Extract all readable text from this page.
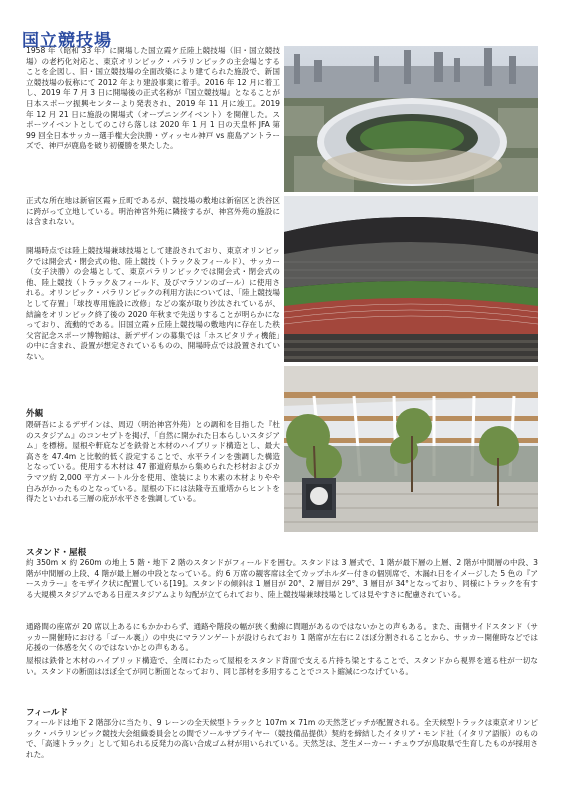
国立競技場

1958 年（昭和 33 年）に開場した国立霞ケ丘陸上競技場（旧・国立競技場）の老朽化対応と、東京オリンピック・パラリンピックの主会場とすることを企図し、旧・国立競技場の全面改築により建てられた施設で、新国立競技場の仮称にて 2012 年より建設事業に着手。2016 年 12 月に着工し、2019 年 7 月 3 日に開場後の正式名称が『国立競技場』となることが日本スポーツ振興センターより発表され、2019 年 11 月に竣工。2019 年 12 月 21 日に施設の開場式（オープニングイベント）を開催した。スポーツイベントとしてのこけら落しは 2020 年 1 月 1 日の天皇杯 JFA 第 99 回全日本サッカー選手権大会決勝・ヴィッセル神戸 vs 鹿島アントラーズで、神戸が鹿島を破り初優勝を果たした。

正式な所在地は新宿区霞ヶ丘町であるが、競技場の敷地は新宿区と渋谷区に跨がって立地している。明治神宮外苑に隣接するが、神宮外苑の施設には含まれない。

開場時点では陸上競技場兼球技場として建設されており、東京オリンピックでは開会式・閉会式の他、陸上競技（トラック＆フィールド）、サッカー（女子決勝）の会場として、東京パラリンピックでは開会式・閉会式の他、陸上競技（トラック＆フィールド、及びマラソンのゴール）に使用される。オリンピック・パラリンピックの利用方法については、「陸上競技場として存置」「球技専用施設に改修」などの案が取り沙汰されているが、結論をオリンピック終了後の 2020 年秋まで先送りすることが明らかになっており、流動的である。旧国立霞ヶ丘陸上競技場の敷地内に存在した秩父宮記念スポーツ博物館は、新デザインの募集では「ホスピタリティ機能」の中に含まれ、設置が想定されているものの、開場時点では設置されていない。

外観

隈研吾によるデザインは、周辺（明治神宮外苑）との調和を目指した『杜のスタジアム』のコンセプトを掲げ、「自然に開かれた日本らしいスタジアム」を標榜。屋根や軒庇などを鉄骨と木材のハイブリッド構造とし、最大高さを 47.4m と比較的低く設定することで、水平ラインを強調した構造となっている。使用する木材は 47 都道府県から集められた杉材およびカラマツ約 2,000 平方メートル分を使用、塗装により木素の木材よりやや白みがかったものとなっている。屋根の下には法隆寺五重塔からヒントを得たといわれる三層の庇が水平さを強調している。

スタンド・屋根

約 350m × 約 260m の地上 5 階・地下 2 階のスタンドがフィールドを囲む。スタンドは 3 層式で、1 階が最下層の上層、2 階が中間層の中段、3 階が中間層の上段、4 階が最上層の中段となっている。約 6 万席の観客席は全てカップホルダー付きの個別席で、木漏れ日をイメージした 5 色の『アースカラー』をモザイク状に配置している[19]。スタンドの傾斜は 1 層目が 20°、2 層目が 29°、3 層目が 34°となっており、同様にトラックを有する大規模スタジアムである日産スタジアムより勾配が立てられており、陸上競技場兼球技場としては見やすさに配慮されている。

通路間の座席が 20 席以上あるにもかかわらず、通路や階段の幅が狭く動線に問題があるのではないかとの声もある。また、南側サイドスタンド（サッカー開催時における「ゴール裏」）の中央にマラソンゲートが設けられており 1 階席が左右に２ほぼ分割されることから、サッカー開催時などでは応援の一体感を欠くのではないかとの声もある。

屋根は鉄骨と木材のハイブリッド構造で、全周にわたって屋根をスタンド背面で支える片持ち梁とすることで、スタンドから視界を遮る柱が一切ない。スタンドの断面はほぼ全てが同じ断面となっており、同じ部材を多用することでコスト縮減につなげている。

フィールド

フィールドは地下 2 階部分に当たり、9 レーンの全天候型トラックと 107m × 71m の天然芝ピッチが配置される。全天候型トラックは東京オリンピック・パラリンピック競技大会組織委員会との間でソールサプライヤー（競技備品提供）契約を締結したイタリア・モンド社（イタリア語版）のもので、「高速トラック」として知られる反発力の高い合成ゴム材が用いられている。天然芝は、芝生メーカー・チュウブが鳥取県で生育したものが採用された。
